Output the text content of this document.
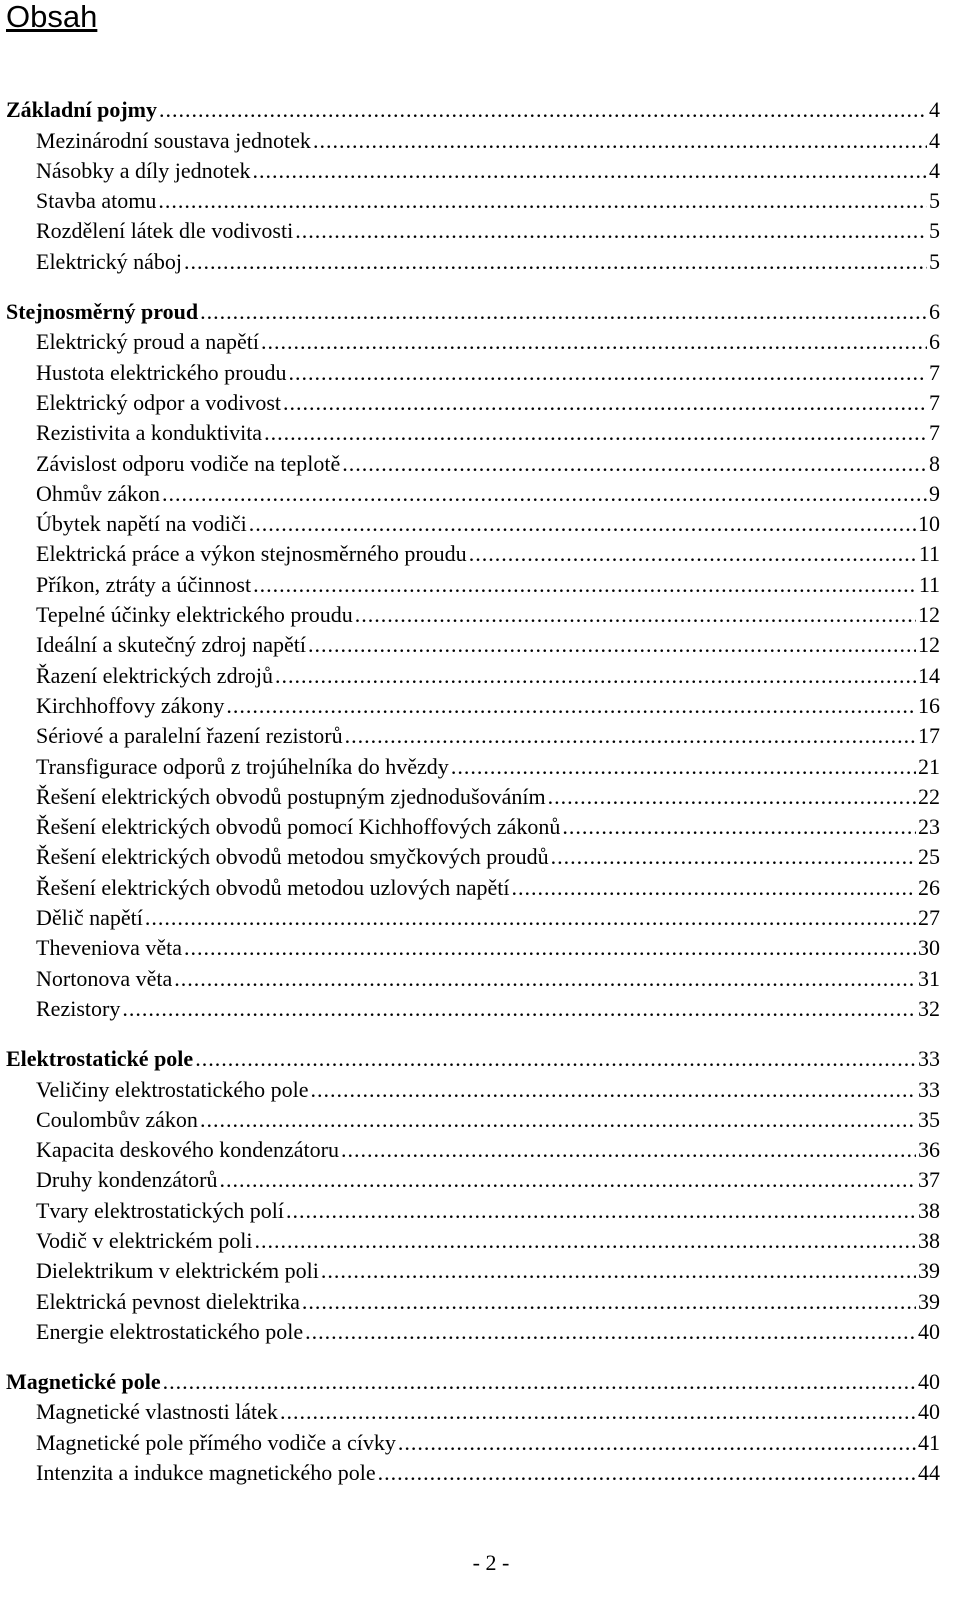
Obsah
Základní pojmy .....	4
Mezinárodní soustava jednotek .....	4
Násobky a díly jednotek .....	4
Stavba atomu .....	5
Rozdělení látek dle vodivosti .....	5
Elektrický náboj .....	5
Stejnosměrný proud .....	6
Elektrický proud a napětí .....	6
Hustota elektrického proudu .....	7
Elektrický odpor a vodivost .....	7
Rezistivita a konduktivita .....	7
Závislost odporu vodiče na teplotě .....	8
Ohmův zákon .....	9
Úbytek napětí na vodiči .....	10
Elektrická práce a výkon stejnosměrného proudu .....	11
Příkon, ztráty a účinnost .....	11
Tepelné účinky elektrického proudu .....	12
Ideální a skutečný zdroj napětí .....	12
Řazení elektrických zdrojů .....	14
Kirchhoffovy zákony .....	16
Sériové a paralelní řazení rezistorů .....	17
Transfigurace odporů z trojúhelníka do hvězdy .....	21
Řešení elektrických obvodů postupným zjednodušováním .....	22
Řešení elektrických obvodů pomocí Kichhoffových zákonů .....	23
Řešení elektrických obvodů metodou smyčkových proudů .....	25
Řešení elektrických obvodů metodou uzlových napětí .....	26
Dělič napětí .....	27
Theveniova věta .....	30
Nortonova věta .....	31
Rezistory .....	32
Elektrostatické pole .....	33
Veličiny elektrostatického pole .....	33
Coulombův zákon .....	35
Kapacita deskového kondenzátoru .....	36
Druhy kondenzátorů .....	37
Tvary elektrostatických polí .....	38
Vodič v elektrickém poli .....	38
Dielektrikum v elektrickém poli .....	39
Elektrická pevnost dielektrika .....	39
Energie elektrostatického pole .....	40
Magnetické pole .....	40
Magnetické vlastnosti látek .....	40
Magnetické pole přímého vodiče a cívky .....	41
Intenzita a indukce magnetického pole .....	44
- 2 -
